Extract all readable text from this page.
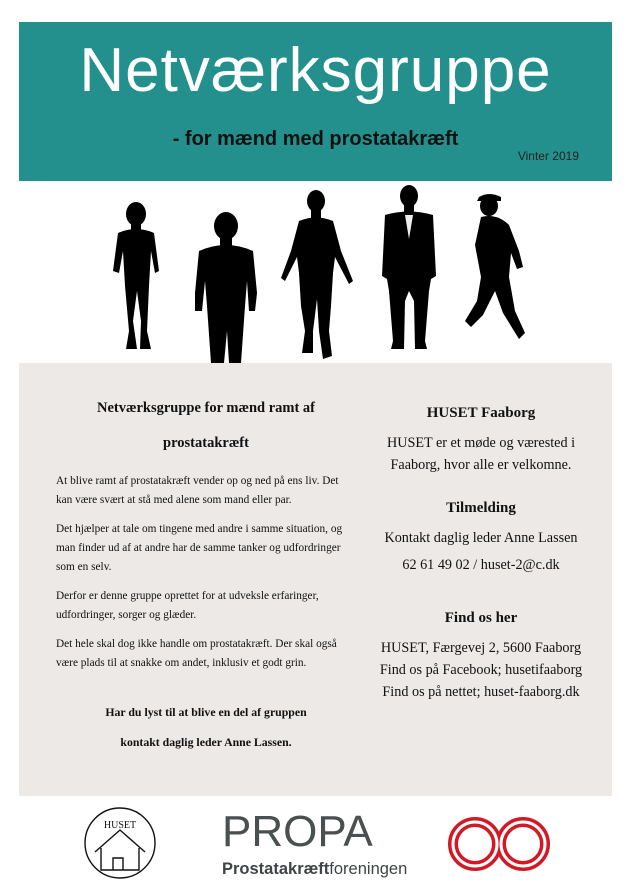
Netværksgruppe
- for mænd med prostatakræft
Vinter 2019
Netværksgruppe for mænd ramt af
prostatakræft

At blive ramt af prostatakræft vender op og ned på ens liv. Det kan være svært at stå med alene som mand eller par.

Det hjælper at tale om tingene med andre i samme situation, og man finder ud af at andre har de samme tanker og udfordringer som en selv.

Derfor er denne gruppe oprettet for at udveksle erfaringer, udfordringer, sorger og glæder.

Det hele skal dog ikke handle om prostatakræft. Der skal også være plads til at snakke om andet, inklusiv et godt grin.

Har du lyst til at blive en del af gruppen
kontakt daglig leder Anne Lassen.
HUSET Faaborg

HUSET er et møde og værested i Faaborg, hvor alle er velkomne.

Tilmelding

Kontakt daglig leder Anne Lassen

62 61 49 02 / huset-2@c.dk

Find os her

HUSET, Færgevej 2, 5600 Faaborg

Find os på Facebook; husetifaaborg

Find os på nettet; huset-faaborg.dk

HUSET PROPA
Prostatakræftforeningen
